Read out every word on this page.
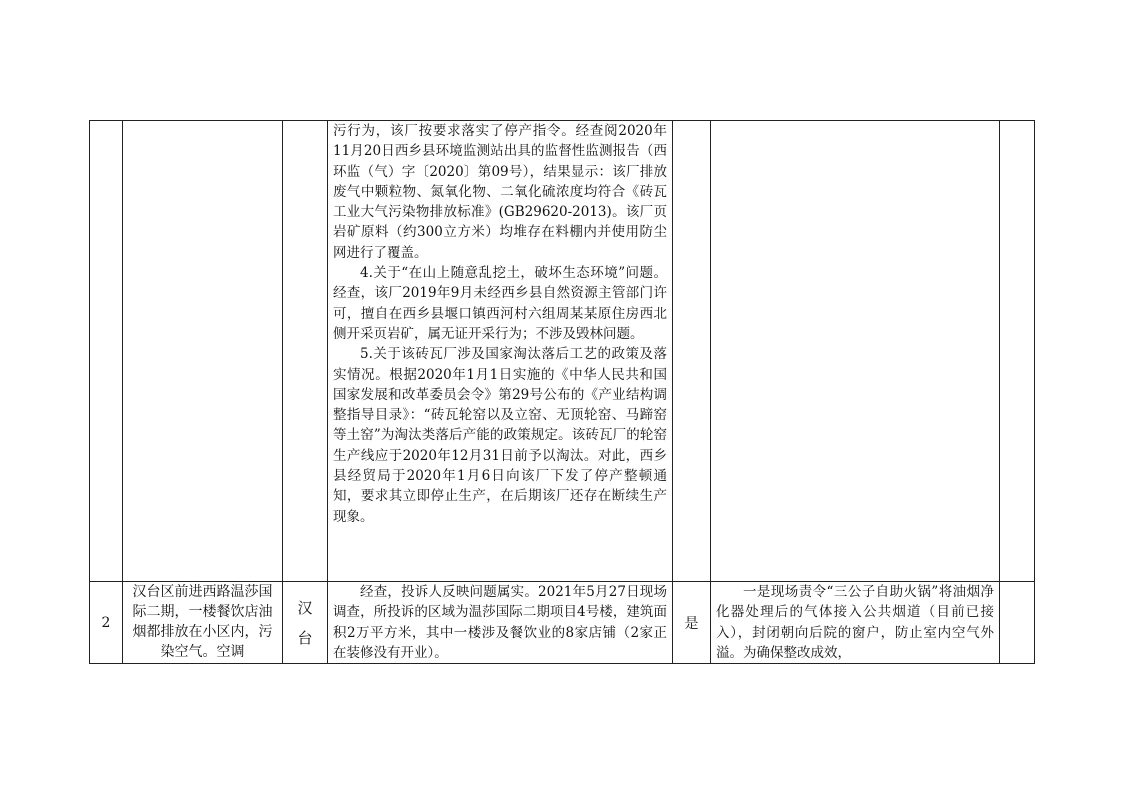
			污行为，该厂按要求落实了停产指令。经查阅2020年11月20日西乡县环境监测站出具的监督性监测报告（西环监（气）字〔2020〕第09号），结果显示：该厂排放废气中颗粒物、氮氧化物、二氧化硫浓度均符合《砖瓦工业大气污染物排放标准》(GB29620-2013)。该厂页岩矿原料（约300立方米）均堆存在料棚内并使用防尘网进行了覆盖。

4.关于“在山上随意乱挖土，破坏生态环境”问题。经查，该厂2019年9月未经西乡县自然资源主管部门许可，擅自在西乡县堰口镇西河村六组周某某原住房西北侧开采页岩矿，属无证开采行为；不涉及毁林问题。

5.关于该砖瓦厂涉及国家淘汰落后工艺的政策及落实情况。根据2020年1月1日实施的《中华人民共和国国家发展和改革委员会令》第29号公布的《产业结构调整指导目录》：“砖瓦轮窑以及立窑、无顶轮窑、马蹄窑等土窑”为淘汰类落后产能的政策规定。该砖瓦厂的轮窑生产线应于2020年12月31日前予以淘汰。对此，西乡县经贸局于2020年1月6日向该厂下发了停产整顿通知，要求其立即停止生产，在后期该厂还存在断续生产现象。			

2	汉台区前进西路温莎国际二期，一楼餐饮店油烟都排放在小区内，污染空气。空调	汉台	经查，投诉人反映问题属实。2021年5月27日现场调查，所投诉的区域为温莎国际二期项目4号楼，建筑面积2万平方米，其中一楼涉及餐饮业的8家店铺（2家正在装修没有开业）。	是	一是现场责令“三公子自助火锅”将油烟净化器处理后的气体接入公共烟道（目前已接入），封闭朝向后院的窗户，防止室内空气外溢。为确保整改成效，	
